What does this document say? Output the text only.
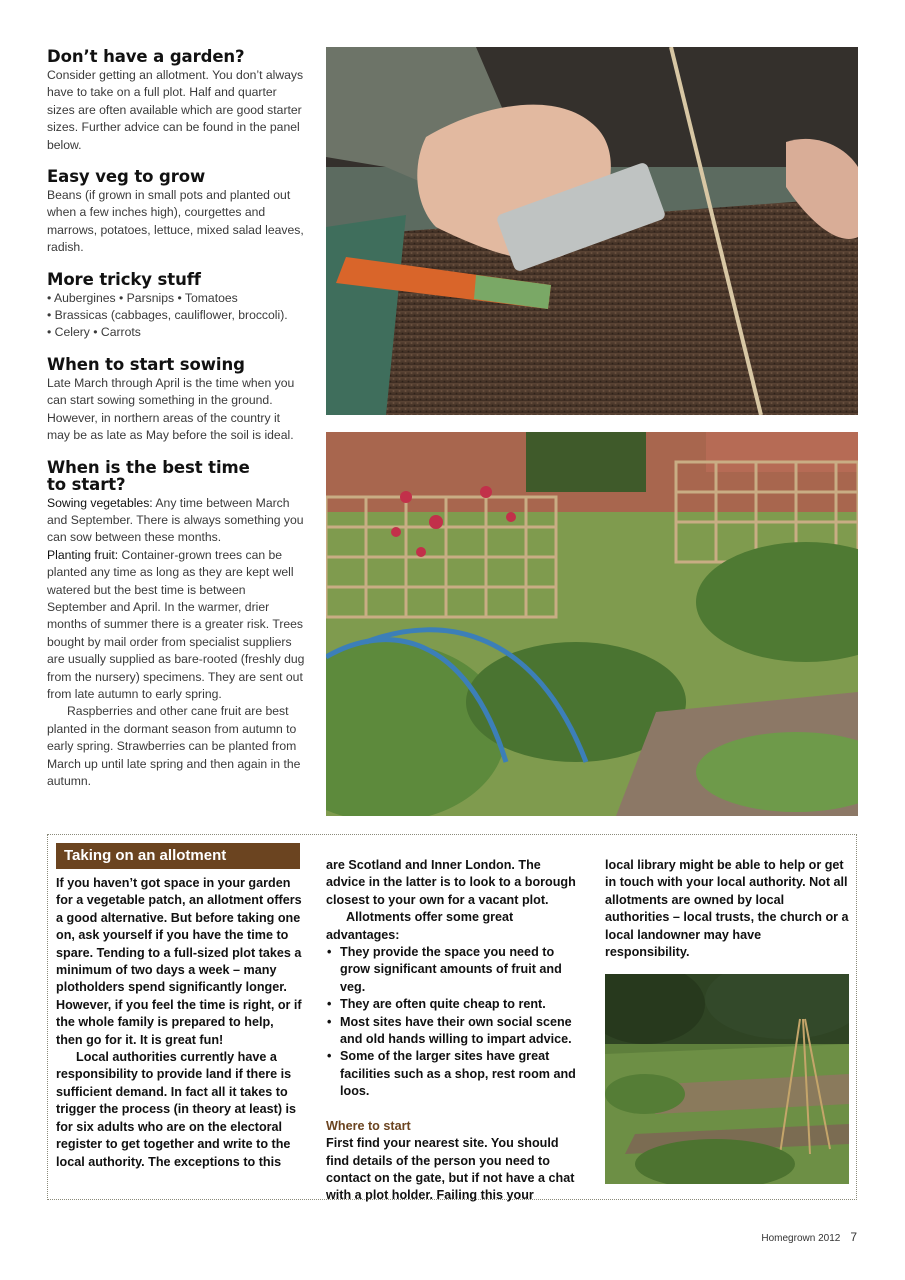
Don’t have a garden?

Consider getting an allotment. You don’t always have to take on a full plot. Half and quarter sizes are often available which are good starter sizes. Further advice can be found in the panel below.

Easy veg to grow

Beans (if grown in small pots and planted out when a few inches high), courgettes and marrows, potatoes, lettuce, mixed salad leaves, radish.

More tricky stuff
• Aubergines • Parsnips • Tomatoes
• Brassicas (cabbages, cauliflower, broccoli).
• Celery • Carrots
When to start sowing

Late March through April is the time when you can start sowing something in the ground. However, in northern areas of the country it may be as late as May before the soil is ideal.

When is the best time to start?

Sowing vegetables: Any time between March and September. There is always something you can sow between these months.
Planting fruit: Container-grown trees can be planted any time as long as they are kept well watered but the best time is between September and April. In the warmer, drier months of summer there is a greater risk. Trees bought by mail order from specialist suppliers are usually supplied as bare-rooted (freshly dug from the nursery) specimens. They are sent out from late autumn to early spring.
Raspberries and other cane fruit are best planted in the dormant season from autumn to early spring. Strawberries can be planted from March up until late spring and then again in the autumn.

Taking on an allotment

If you haven’t got space in your garden for a vegetable patch, an allotment offers a good alternative. But before taking one on, ask yourself if you have the time to spare. Tending to a full-sized plot takes a minimum of two days a week – many plotholders spend significantly longer. However, if you feel the time is right, or if the whole family is prepared to help, then go for it. It is great fun!

Local authorities currently have a responsibility to provide land if there is sufficient demand. In fact all it takes to trigger the process (in theory at least) is for six adults who are on the electoral register to get together and write to the local authority. The exceptions to this

are Scotland and Inner London. The advice in the latter is to look to a borough closest to your own for a vacant plot.

Allotments offer some great advantages:

• They provide the space you need to grow significant amounts of fruit and veg.
• They are often quite cheap to rent.
• Most sites have their own social scene and old hands willing to impart advice.
• Some of the larger sites have great facilities such as a shop, rest room and loos.

Where to start

First find your nearest site. You should find details of the person you need to contact on the gate, but if not have a chat with a plot holder. Failing this your

local library might be able to help or get in touch with your local authority. Not all allotments are owned by local authorities – local trusts, the church or a local landowner may have responsibility.

Homegrown 2012 7
